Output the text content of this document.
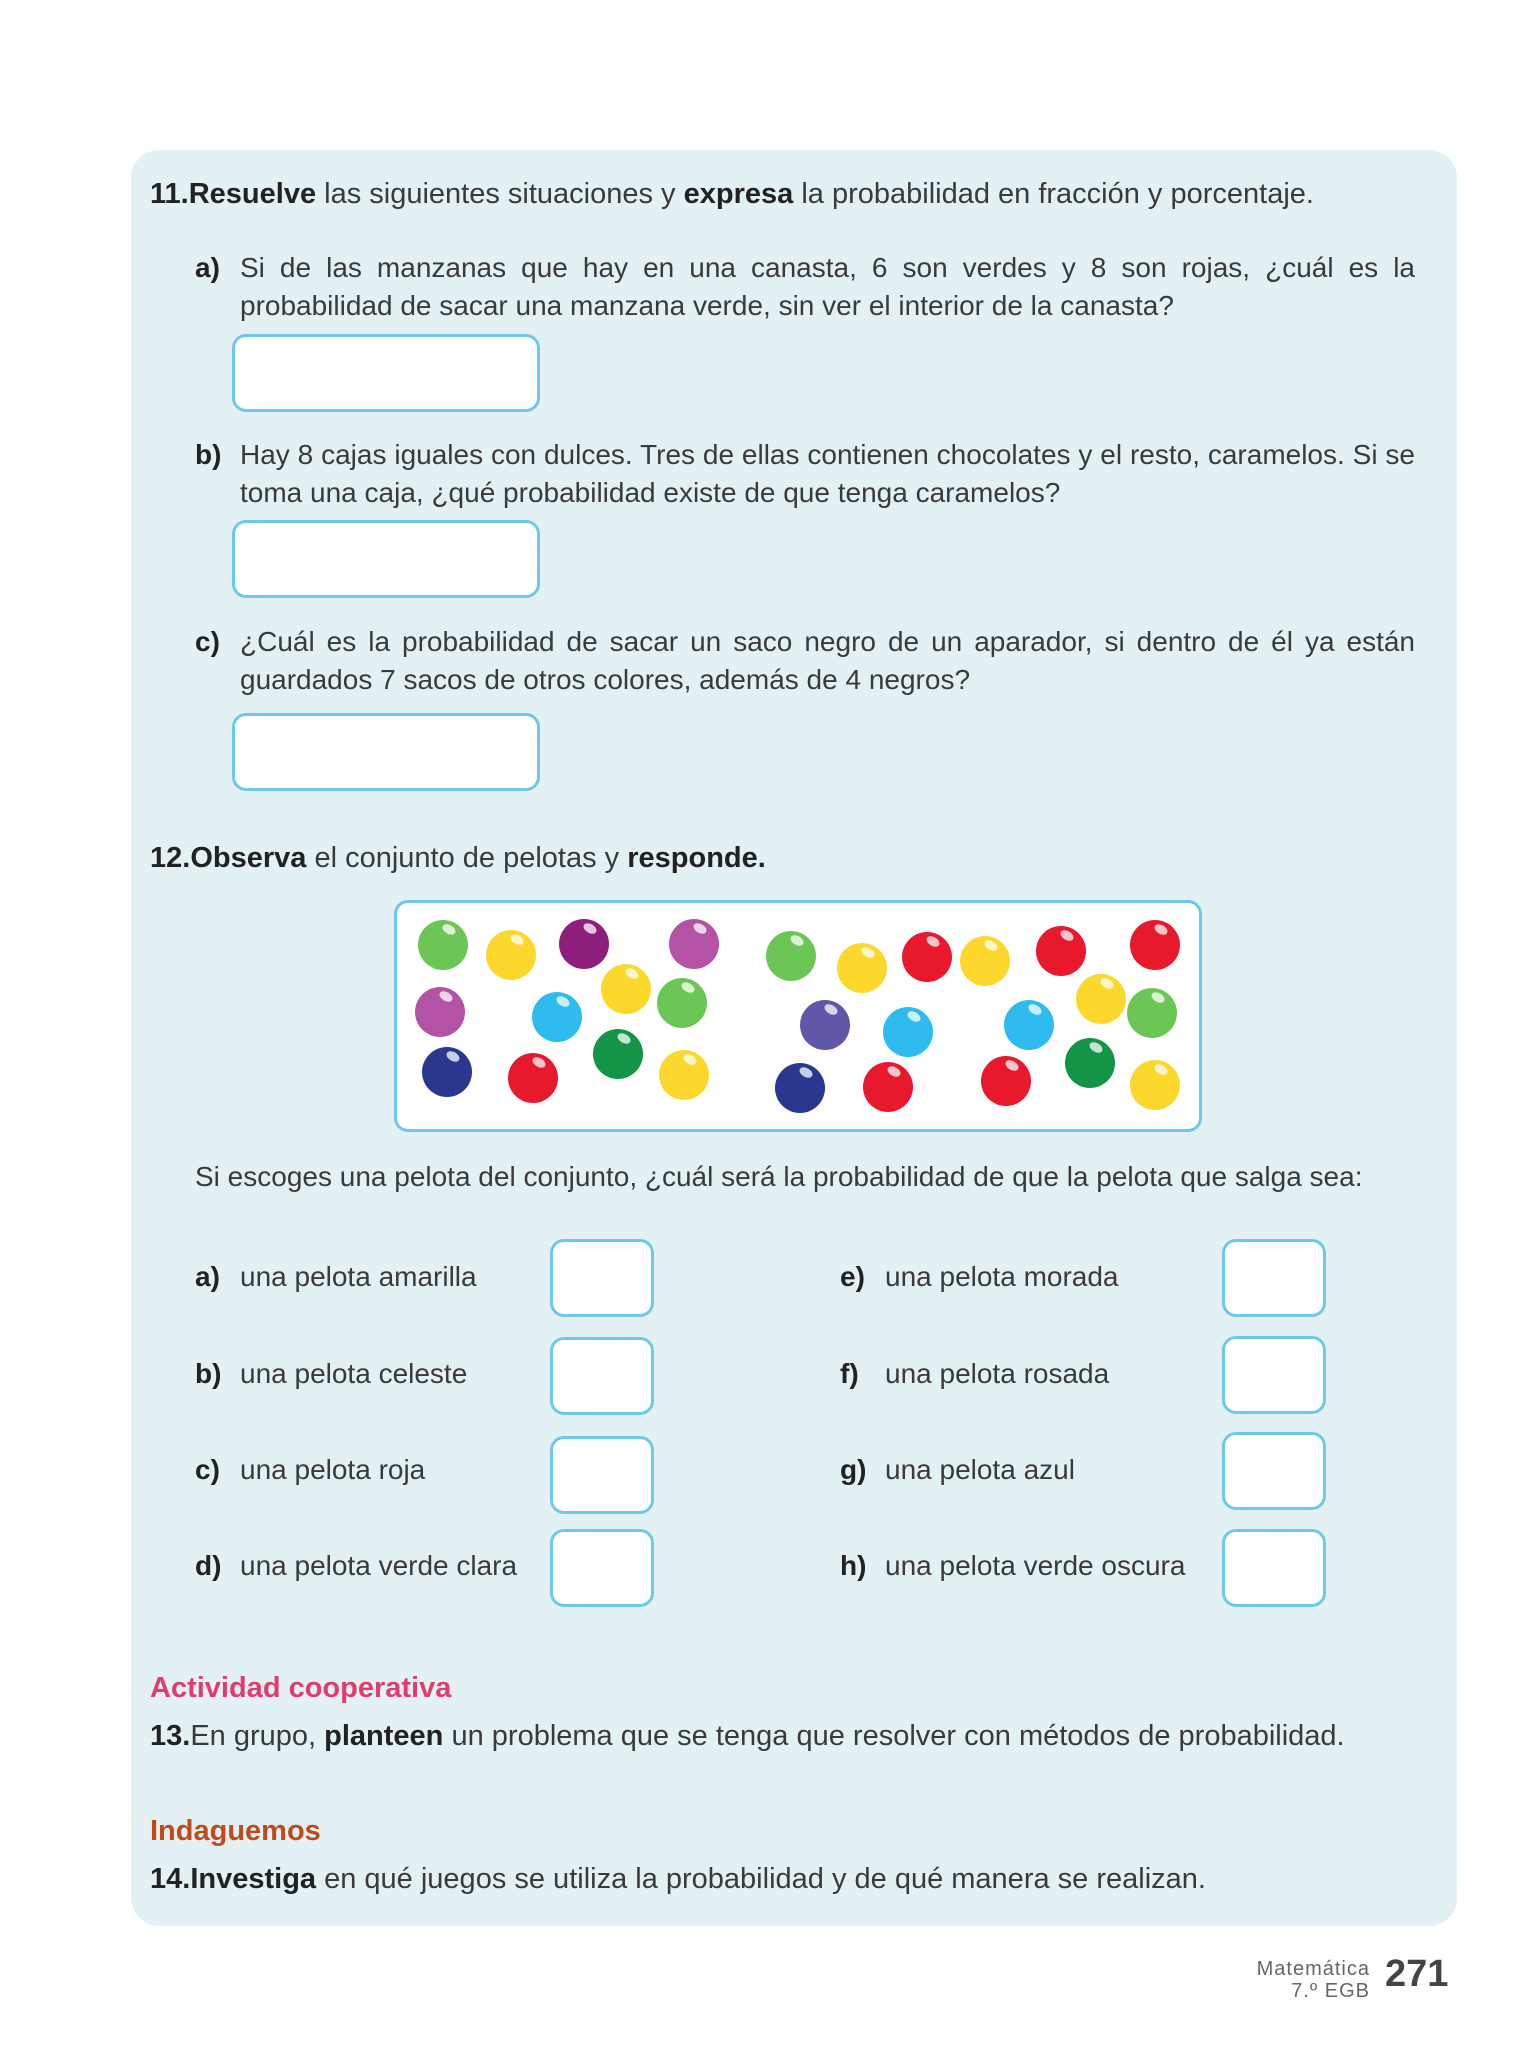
11.Resuelve las siguientes situaciones y expresa la probabilidad en fracción y porcentaje.
a) Si de las manzanas que hay en una canasta, 6 son verdes y 8 son rojas, ¿cuál es la probabilidad de sacar una manzana verde, sin ver el interior de la canasta?
b) Hay 8 cajas iguales con dulces. Tres de ellas contienen chocolates y el resto, caramelos. Si se toma una caja, ¿qué probabilidad existe de que tenga caramelos?
c) ¿Cuál es la probabilidad de sacar un saco negro de un aparador, si dentro de él ya están guardados 7 sacos de otros colores, además de 4 negros?
12.Observa el conjunto de pelotas y responde.
Si escoges una pelota del conjunto, ¿cuál será la probabilidad de que la pelota que salga sea:
a) una pelota amarilla
b) una pelota celeste
c) una pelota roja
d) una pelota verde clara
e) una pelota morada
f) una pelota rosada
g) una pelota azul
h) una pelota verde oscura
Actividad cooperativa
13.En grupo, planteen un problema que se tenga que resolver con métodos de probabilidad.
Indaguemos
14.Investiga en qué juegos se utiliza la probabilidad y de qué manera se realizan.
Matemática
7.º EGB 271
